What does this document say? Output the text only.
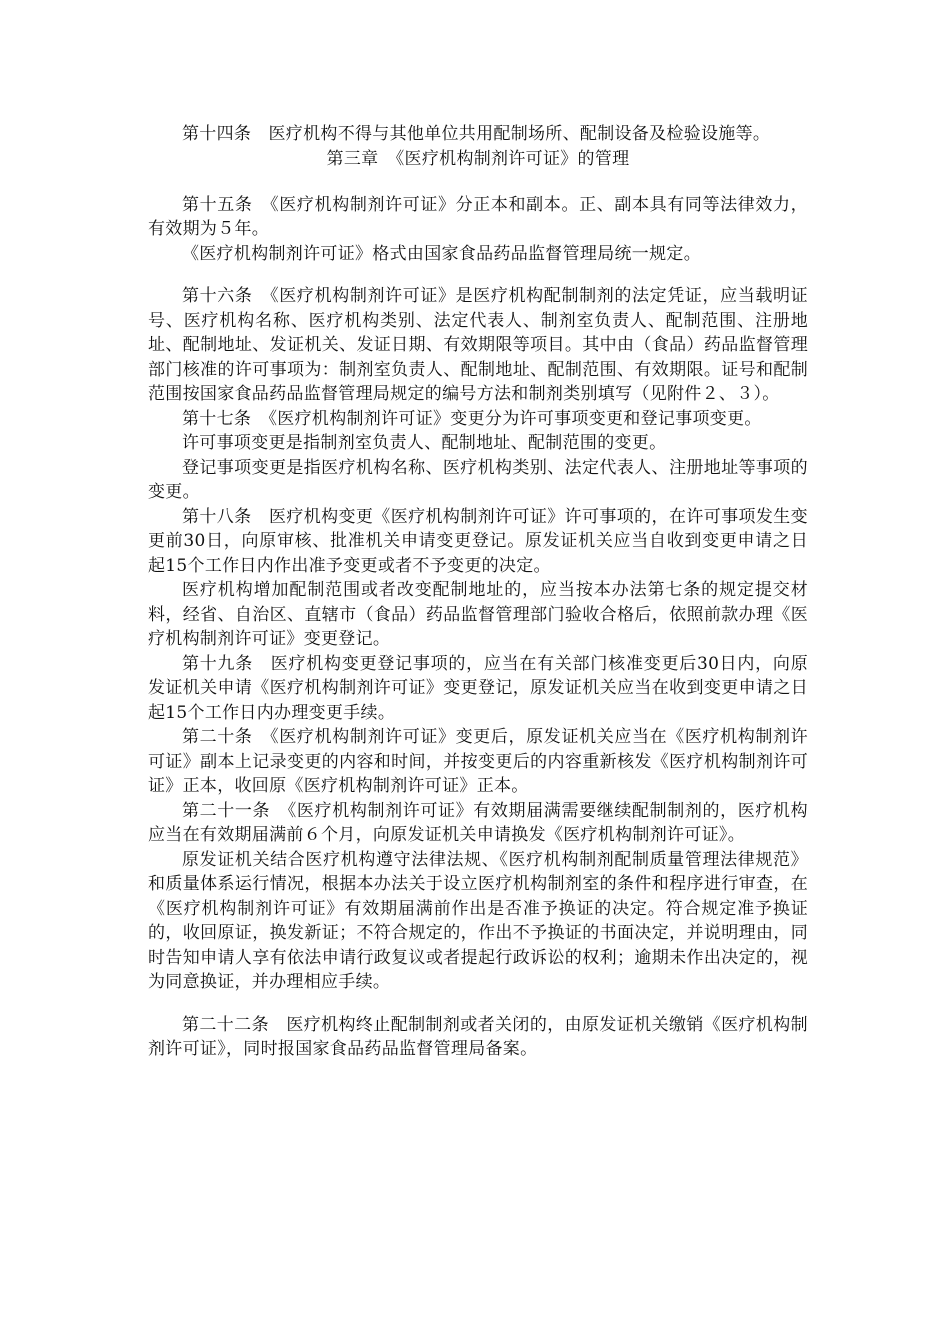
第十四条　医疗机构不得与其他单位共用配制场所、配制设备及检验设施等。

第三章　《医疗机构制剂许可证》的管理

第十五条　《医疗机构制剂许可证》分正本和副本。正、副本具有同等法律效力，有效期为５年。

《医疗机构制剂许可证》格式由国家食品药品监督管理局统一规定。

第十六条　《医疗机构制剂许可证》是医疗机构配制制剂的法定凭证，应当载明证号、医疗机构名称、医疗机构类别、法定代表人、制剂室负责人、配制范围、注册地址、配制地址、发证机关、发证日期、有效期限等项目。其中由（食品）药品监督管理部门核准的许可事项为：制剂室负责人、配制地址、配制范围、有效期限。证号和配制范围按国家食品药品监督管理局规定的编号方法和制剂类别填写（见附件２、３）。

第十七条　《医疗机构制剂许可证》变更分为许可事项变更和登记事项变更。

许可事项变更是指制剂室负责人、配制地址、配制范围的变更。

登记事项变更是指医疗机构名称、医疗机构类别、法定代表人、注册地址等事项的变更。

第十八条　医疗机构变更《医疗机构制剂许可证》许可事项的，在许可事项发生变更前30日，向原审核、批准机关申请变更登记。原发证机关应当自收到变更申请之日起15个工作日内作出准予变更或者不予变更的决定。

医疗机构增加配制范围或者改变配制地址的，应当按本办法第七条的规定提交材料，经省、自治区、直辖市（食品）药品监督管理部门验收合格后，依照前款办理《医疗机构制剂许可证》变更登记。

第十九条　医疗机构变更登记事项的，应当在有关部门核准变更后30日内，向原发证机关申请《医疗机构制剂许可证》变更登记，原发证机关应当在收到变更申请之日起15个工作日内办理变更手续。

第二十条　《医疗机构制剂许可证》变更后，原发证机关应当在《医疗机构制剂许可证》副本上记录变更的内容和时间，并按变更后的内容重新核发《医疗机构制剂许可证》正本，收回原《医疗机构制剂许可证》正本。

第二十一条　《医疗机构制剂许可证》有效期届满需要继续配制制剂的，医疗机构应当在有效期届满前６个月，向原发证机关申请换发《医疗机构制剂许可证》。

原发证机关结合医疗机构遵守法律法规、《医疗机构制剂配制质量管理法律规范》和质量体系运行情况，根据本办法关于设立医疗机构制剂室的条件和程序进行审查，在《医疗机构制剂许可证》有效期届满前作出是否准予换证的决定。符合规定准予换证的，收回原证，换发新证；不符合规定的，作出不予换证的书面决定，并说明理由，同时告知申请人享有依法申请行政复议或者提起行政诉讼的权利；逾期未作出决定的，视为同意换证，并办理相应手续。

第二十二条　医疗机构终止配制制剂或者关闭的，由原发证机关缴销《医疗机构制剂许可证》，同时报国家食品药品监督管理局备案。
